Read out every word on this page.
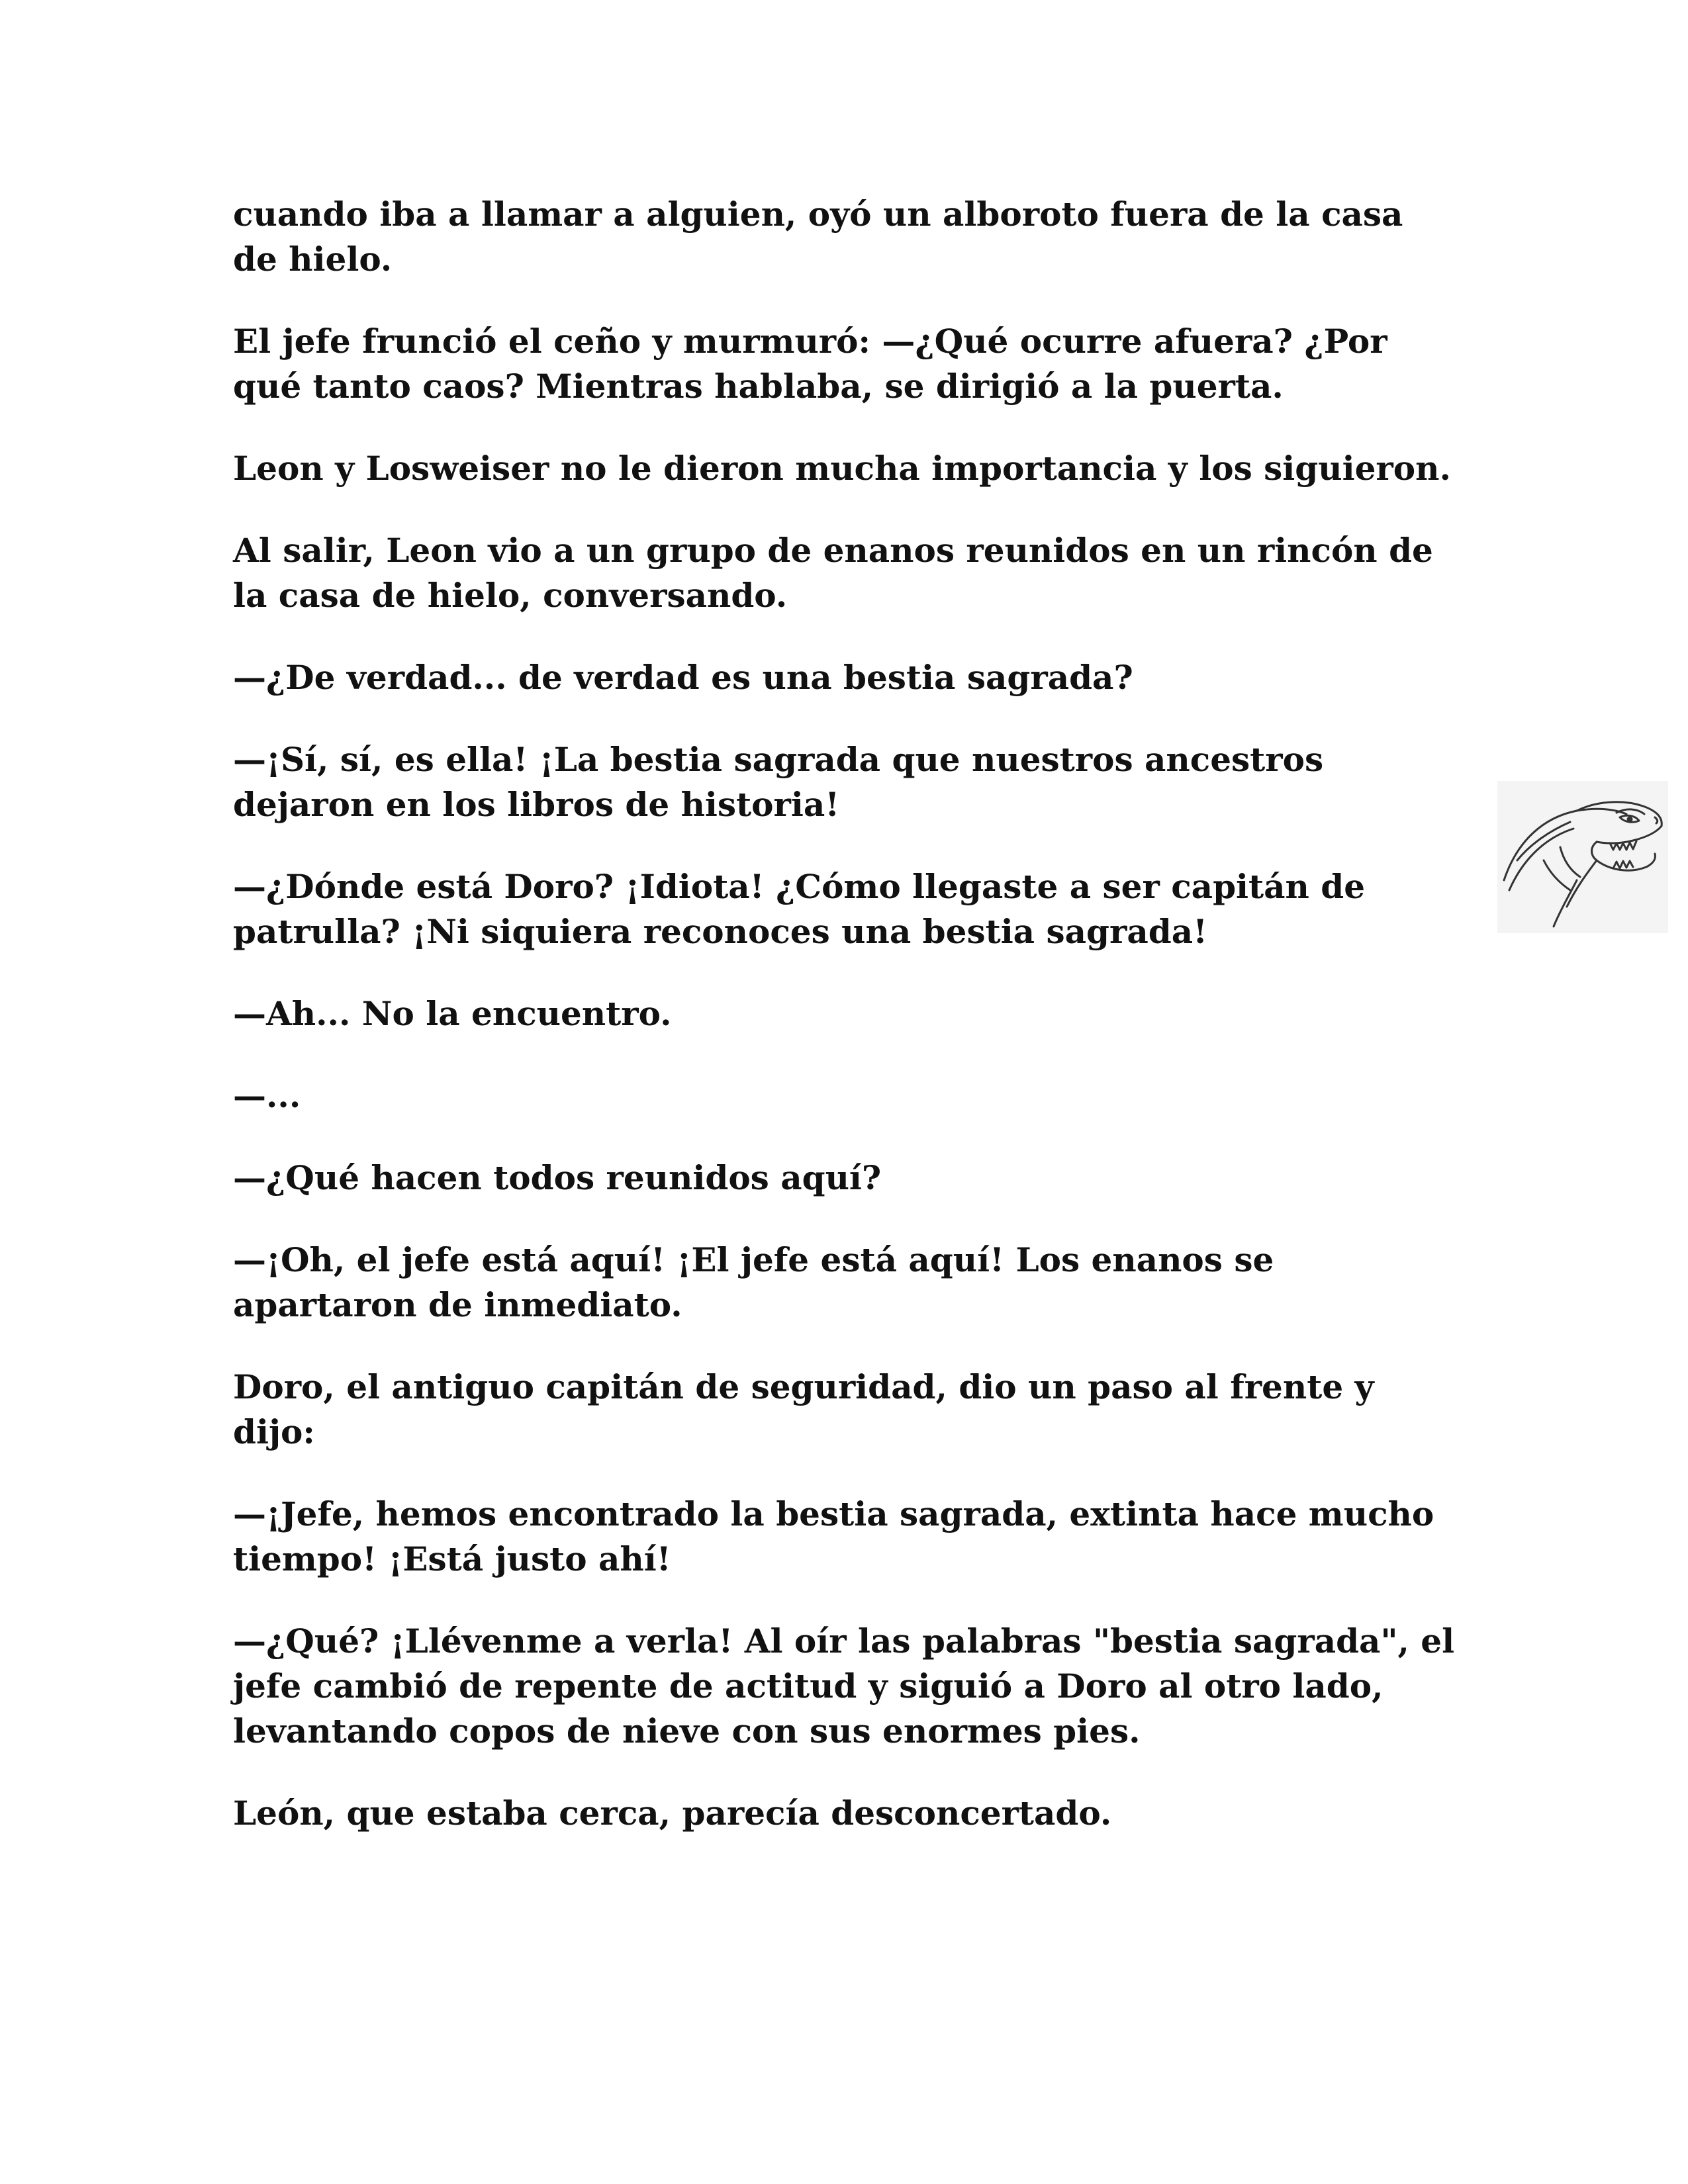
cuando iba a llamar a alguien, oyó un alboroto fuera de la casa de hielo.

El jefe frunció el ceño y murmuró: —¿Qué ocurre afuera? ¿Por qué tanto caos? Mientras hablaba, se dirigió a la puerta.

Leon y Losweiser no le dieron mucha importancia y los siguieron.

Al salir, Leon vio a un grupo de enanos reunidos en un rincón de la casa de hielo, conversando.

—¿De verdad... de verdad es una bestia sagrada?

—¡Sí, sí, es ella! ¡La bestia sagrada que nuestros ancestros dejaron en los libros de historia!

—¿Dónde está Doro? ¡Idiota! ¿Cómo llegaste a ser capitán de patrulla? ¡Ni siquiera reconoces una bestia sagrada!

—Ah... No la encuentro.

—...

—¿Qué hacen todos reunidos aquí?

—¡Oh, el jefe está aquí! ¡El jefe está aquí! Los enanos se apartaron de inmediato.

Doro, el antiguo capitán de seguridad, dio un paso al frente y dijo:

—¡Jefe, hemos encontrado la bestia sagrada, extinta hace mucho tiempo! ¡Está justo ahí!

—¿Qué? ¡Llévenme a verla! Al oír las palabras "bestia sagrada", el jefe cambió de repente de actitud y siguió a Doro al otro lado, levantando copos de nieve con sus enormes pies.

León, que estaba cerca, parecía desconcertado.
